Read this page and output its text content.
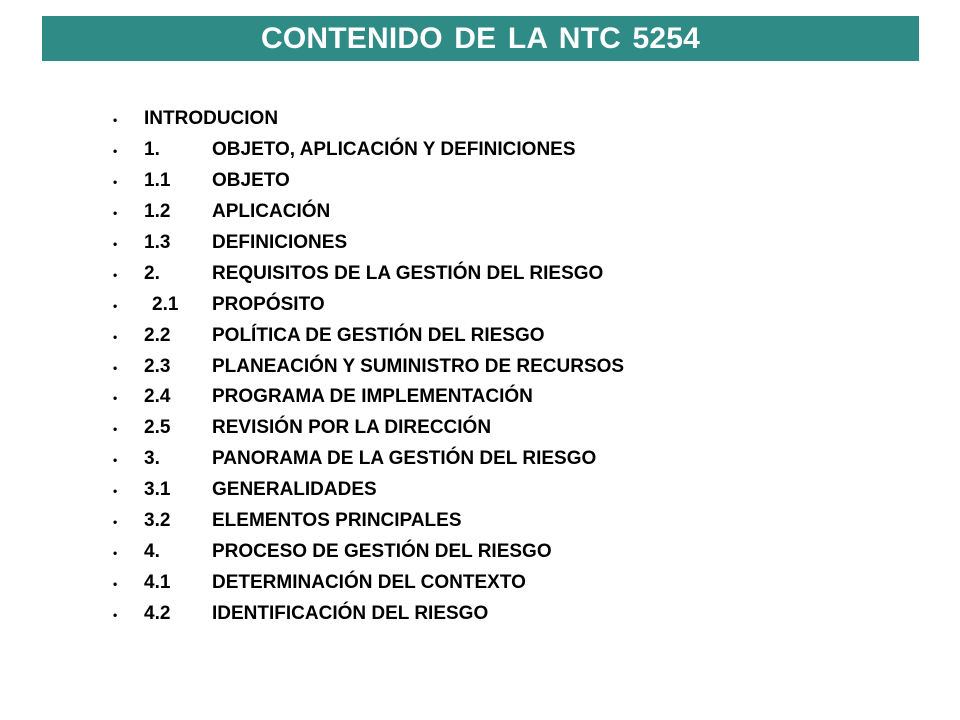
CONTENIDO DE LA NTC 5254
•	INTRODUCION
•	1.	OBJETO, APLICACIÓN Y DEFINICIONES
•	1.1	OBJETO
•	1.2	APLICACIÓN
•	1.3	DEFINICIONES
•	2.	REQUISITOS DE LA GESTIÓN DEL RIESGO
•	2.1	PROPÓSITO
•	2.2	POLÍTICA DE GESTIÓN DEL RIESGO
•	2.3	PLANEACIÓN Y SUMINISTRO DE RECURSOS
•	2.4	PROGRAMA DE IMPLEMENTACIÓN
•	2.5	REVISIÓN POR LA DIRECCIÓN
•	3.	PANORAMA DE LA GESTIÓN DEL RIESGO
•	3.1	GENERALIDADES
•	3.2	ELEMENTOS PRINCIPALES
•	4.	PROCESO DE GESTIÓN DEL RIESGO
•	4.1	DETERMINACIÓN DEL CONTEXTO
•	4.2	IDENTIFICACIÓN DEL RIESGO
